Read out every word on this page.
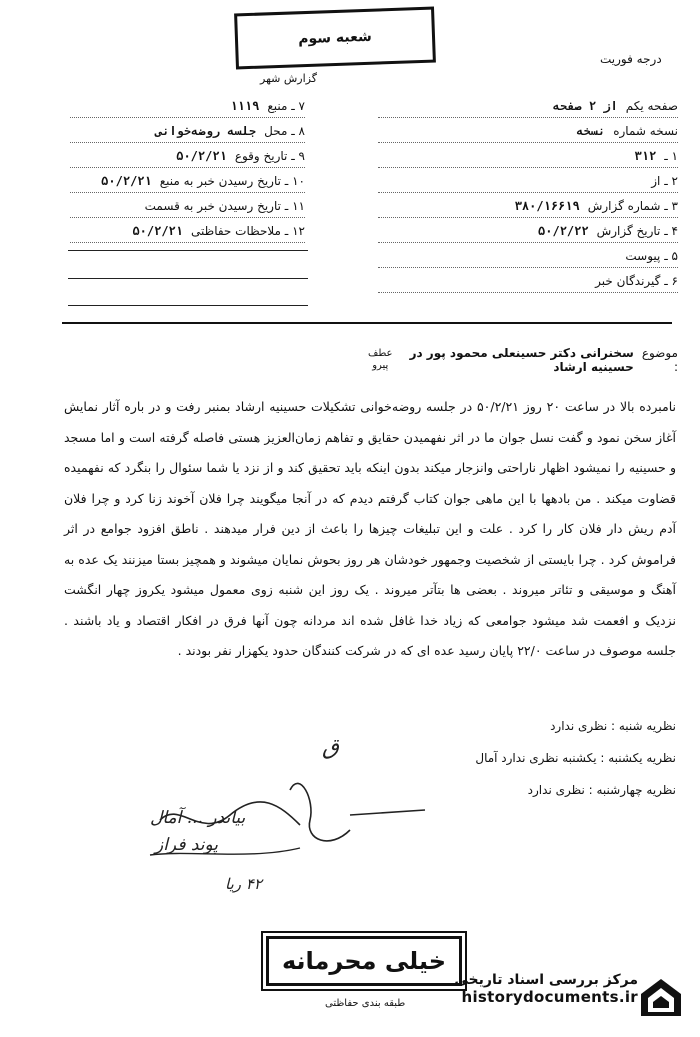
شعبه سوم
گزارش شهر
درجه فوریت
صفحه یکم
از ۲ صفحه
نسخه شماره
نسخه
۱ ـ
۳۱۲
۲ ـ از
۳ ـ شماره گزارش
۳۸۰/۱۶۶۱۹
۴ ـ تاریخ گزارش
۵۰/۲/۲۲
۵ ـ پیوست
۶ ـ گیرندگان خبر
۷ ـ منبع
۱۱۱۹
۸ ـ محل
جلسه روضه‌خوانی
۹ ـ تاریخ وقوع
۵۰/۲/۲۱
۱۰ ـ تاریخ رسیدن خبر به منبع
۵۰/۲/۲۱
۱۱ ـ تاریخ رسیدن خبر به قسمت
۱۲ ـ ملاحظات حفاظتی
۵۰/۲/۲۱
موضوع :
سخنرانی دکتر حسینعلی محمود پور در حسینیه ارشاد
عطف
پیرو
نامبرده بالا در ساعت ۲۰ روز ۵۰/۲/۲۱ در جلسه روضه‌خوانی تشکیلات حسینیه ارشاد بمنبر رفت و در باره آثار نمایش آغاز سخن نمود و گفت نسل جوان ما در اثر نفهمیدن حقایق و تفاهم زمان‌العزیز هستی فاصله گرفته است و اما مسجد و حسینیه را نمیشود اظهار ناراحتی وانزجار میکند بدون اینکه باید تحقیق کند و از نزد یا شما سئوال را بنگرد که نفهمیده قضاوت میکند . من بادهها با این ماهی جوان کتاب گرفتم دیدم که در آنجا میگویند چرا فلان آخوند زنا کرد و چرا فلان آدم ریش دار فلان کار را کرد . علت و این تبلیغات چیزها را باعث از دین فرار میدهند . ناطق افزود جوامع در اثر فراموش کرد . چرا بایستی از شخصیت وجمهور خودشان هر روز بحوش نمایان میشوند و همچیز بستا میزنند یک عده به آهنگ و موسیقی و تئاتر میروند . بعضی ها بتآتر میروند . یک روز این شنبه زوی معمول میشود یکروز چهار انگشت نزدیک و افعمت شد میشود جوامعی که زیاد خدا غافل شده اند مردانه چون آنها فرق در افکار اقتصاد و یاد باشند . جلسه موصوف در ساعت ۲۲/۰ پایان رسید عده ای که در شرکت کنندگان حدود یکهزار نفر بودند .
نظریه شنبه : نظری ندارد
نظریه یکشنبه : یکشنبه نظری ندارد آمال
نظریه چهارشنبه : نظری ندارد
ق
بیاندر ... آمال
پوند فراز
۴۲ ریا
خیلی محرمانه
طبقه بندی حفاظتی
مرکز بررسی اسناد تاریخی
historydocuments.ir
